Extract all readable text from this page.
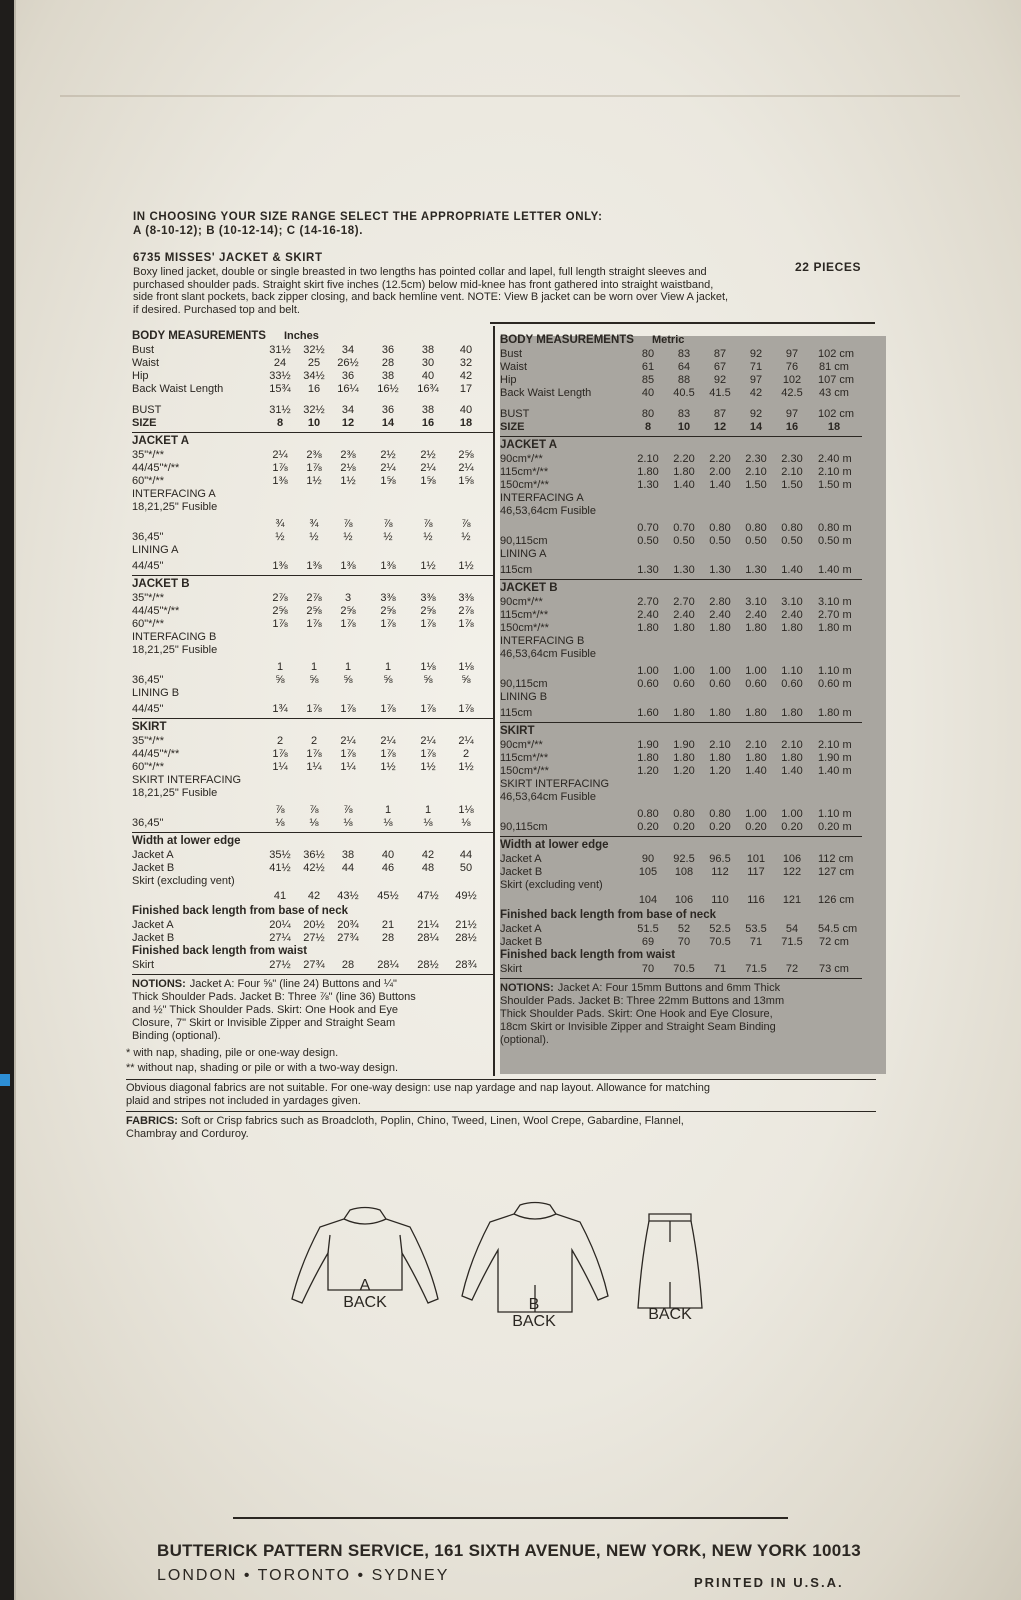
IN CHOOSING YOUR SIZE RANGE SELECT THE APPROPRIATE LETTER ONLY:
A (8-10-12); B (10-12-14); C (14-16-18).
6735 MISSES' JACKET & SKIRT
22 PIECES
Boxy lined jacket, double or single breasted in two lengths has pointed collar and lapel, full length straight sleeves and
purchased shoulder pads. Straight skirt five inches (12.5cm) below mid-knee has front gathered into straight waistband,
side front slant pockets, back zipper closing, and back hemline vent. NOTE: View B jacket can be worn over View A jacket,
if desired. Purchased top and belt.
BODY MEASUREMENTS Inches
Bust	31½	32½	34	36	38	40
Waist	24	25	26½	28	30	32
Hip	33½	34½	36	38	40	42
Back Waist Length	15¾	16	16¼	16½	16¾	17
BUST	31½	32½	34	36	38	40
SIZE	8	10	12	14	16	18
JACKET A
35"*/**	2¼	2⅜	2⅜	2½	2½	2⅝
44/45"*/**	1⅞	1⅞	2⅛	2¼	2¼	2¼
60"*/**	1⅜	1½	1½	1⅝	1⅝	1⅝
INTERFACING A
18,21,25" Fusible
¾	¾	⅞	⅞	⅞	⅞
36,45"	½	½	½	½	½	½
LINING A
44/45"	1⅜	1⅜	1⅜	1⅜	1½	1½
JACKET B
35"*/**	2⅞	2⅞	3	3⅜	3⅜	3⅜
44/45"*/**	2⅝	2⅝	2⅝	2⅝	2⅝	2⅞
60"*/**	1⅞	1⅞	1⅞	1⅞	1⅞	1⅞
INTERFACING B
18,21,25" Fusible
1	1	1	1	1⅛	1⅛
36,45"	⅝	⅝	⅝	⅝	⅝	⅝
LINING B
44/45"	1¾	1⅞	1⅞	1⅞	1⅞	1⅞
SKIRT
35"*/**	2	2	2¼	2¼	2¼	2¼
44/45"*/**	1⅞	1⅞	1⅞	1⅞	1⅞	2
60"*/**	1¼	1¼	1¼	1½	1½	1½
SKIRT INTERFACING
18,21,25" Fusible
⅞	⅞	⅞	1	1	1⅛
36,45"	⅛	⅛	⅛	⅛	⅛	⅛
Width at lower edge
Jacket A	35½	36½	38	40	42	44
Jacket B	41½	42½	44	46	48	50
Skirt (excluding vent)
41	42	43½	45½	47½	49½
Finished back length from base of neck
Jacket A	20¼	20½	20¾	21	21¼	21½
Jacket B	27¼	27½	27¾	28	28¼	28½
Finished back length from waist
Skirt	27½	27¾	28	28¼	28½	28¾
NOTIONS: Jacket A: Four ⅝" (line 24) Buttons and ¼"
Thick Shoulder Pads. Jacket B: Three ⅞" (line 36) Buttons
and ½" Thick Shoulder Pads. Skirt: One Hook and Eye
Closure, 7" Skirt or Invisible Zipper and Straight Seam
Binding (optional).
BODY MEASUREMENTS Metric
Bust	80	83	87	92	97	102 cm
Waist	61	64	67	71	76	81 cm
Hip	85	88	92	97	102	107 cm
Back Waist Length	40	40.5	41.5	42	42.5	43 cm
BUST	80	83	87	92	97	102 cm
SIZE	8	10	12	14	16	18
JACKET A
90cm*/**	2.10	2.20	2.20	2.30	2.30	2.40 m
115cm*/**	1.80	1.80	2.00	2.10	2.10	2.10 m
150cm*/**	1.30	1.40	1.40	1.50	1.50	1.50 m
INTERFACING A
46,53,64cm Fusible
0.70	0.70	0.80	0.80	0.80	0.80 m
90,115cm	0.50	0.50	0.50	0.50	0.50	0.50 m
LINING A
115cm	1.30	1.30	1.30	1.30	1.40	1.40 m
JACKET B
90cm*/**	2.70	2.70	2.80	3.10	3.10	3.10 m
115cm*/**	2.40	2.40	2.40	2.40	2.40	2.70 m
150cm*/**	1.80	1.80	1.80	1.80	1.80	1.80 m
INTERFACING B
46,53,64cm Fusible
1.00	1.00	1.00	1.00	1.10	1.10 m
90,115cm	0.60	0.60	0.60	0.60	0.60	0.60 m
LINING B
115cm	1.60	1.80	1.80	1.80	1.80	1.80 m
SKIRT
90cm*/**	1.90	1.90	2.10	2.10	2.10	2.10 m
115cm*/**	1.80	1.80	1.80	1.80	1.80	1.90 m
150cm*/**	1.20	1.20	1.20	1.40	1.40	1.40 m
SKIRT INTERFACING
46,53,64cm Fusible
0.80	0.80	0.80	1.00	1.00	1.10 m
90,115cm	0.20	0.20	0.20	0.20	0.20	0.20 m
Width at lower edge
Jacket A	90	92.5	96.5	101	106	112 cm
Jacket B	105	108	112	117	122	127 cm
Skirt (excluding vent)
104	106	110	116	121	126 cm
Finished back length from base of neck
Jacket A	51.5	52	52.5	53.5	54	54.5 cm
Jacket B	69	70	70.5	71	71.5	72 cm
Finished back length from waist
Skirt	70	70.5	71	71.5	72	73 cm
NOTIONS: Jacket A: Four 15mm Buttons and 6mm Thick
Shoulder Pads. Jacket B: Three 22mm Buttons and 13mm
Thick Shoulder Pads. Skirt: One Hook and Eye Closure,
18cm Skirt or Invisible Zipper and Straight Seam Binding
(optional).
* with nap, shading, pile or one-way design.
** without nap, shading or pile or with a two-way design.
Obvious diagonal fabrics are not suitable. For one-way design: use nap yardage and nap layout. Allowance for matching
plaid and stripes not included in yardages given.
FABRICS: Soft or Crisp fabrics such as Broadcloth, Poplin, Chino, Tweed, Linen, Wool Crepe, Gabardine, Flannel,
Chambray and Corduroy.
A
BACK	B
BACK	BACK
BUTTERICK PATTERN SERVICE, 161 SIXTH AVENUE, NEW YORK, NEW YORK 10013
LONDON • TORONTO • SYDNEY	PRINTED IN U.S.A.
